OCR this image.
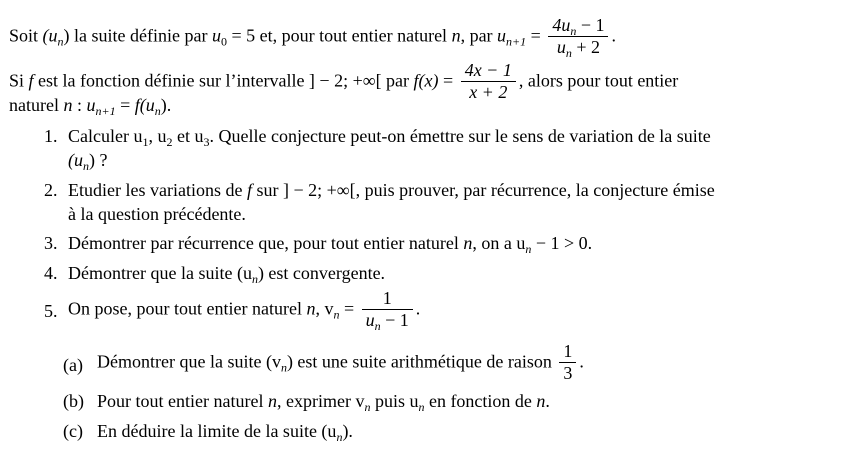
Soit $(u_n)$ la suite définie par $u_0 = 5$ et, pour tout entier naturel n, par $u_{n+1} = \frac{4u_n - 1}{u_n + 2}$ .
Si f est la fonction définie sur l’intervalle ] − 2; +∞[ par $f(x) = \frac{4x - 1}{x + 2}$ , alors pour tout entier
naturel n : $u_{n+1} = f(u_n)$.
1. Calculer $u_1$, $u_2$ et $u_3$. Quelle conjecture peut-on émettre sur le sens de variation de la suite
$(u_n)$ ?
2. Etudier les variations de f sur ] − 2; +∞[, puis prouver, par récurrence, la conjecture émise
à la question précédente.
3. Démontrer par récurrence que, pour tout entier naturel n, on a $u_n - 1 > 0$.
4. Démontrer que la suite $(u_n)$ est convergente.
5. On pose, pour tout entier naturel n, $v_n = \frac{1}{u_n - 1}$ .
(a) Démontrer que la suite $(v_n)$ est une suite arithmétique de raison $\frac{1}{3}$ .
(b) Pour tout entier naturel n, exprimer $v_n$ puis $u_n$ en fonction de n.
(c) En déduire la limite de la suite $(u_n)$.
